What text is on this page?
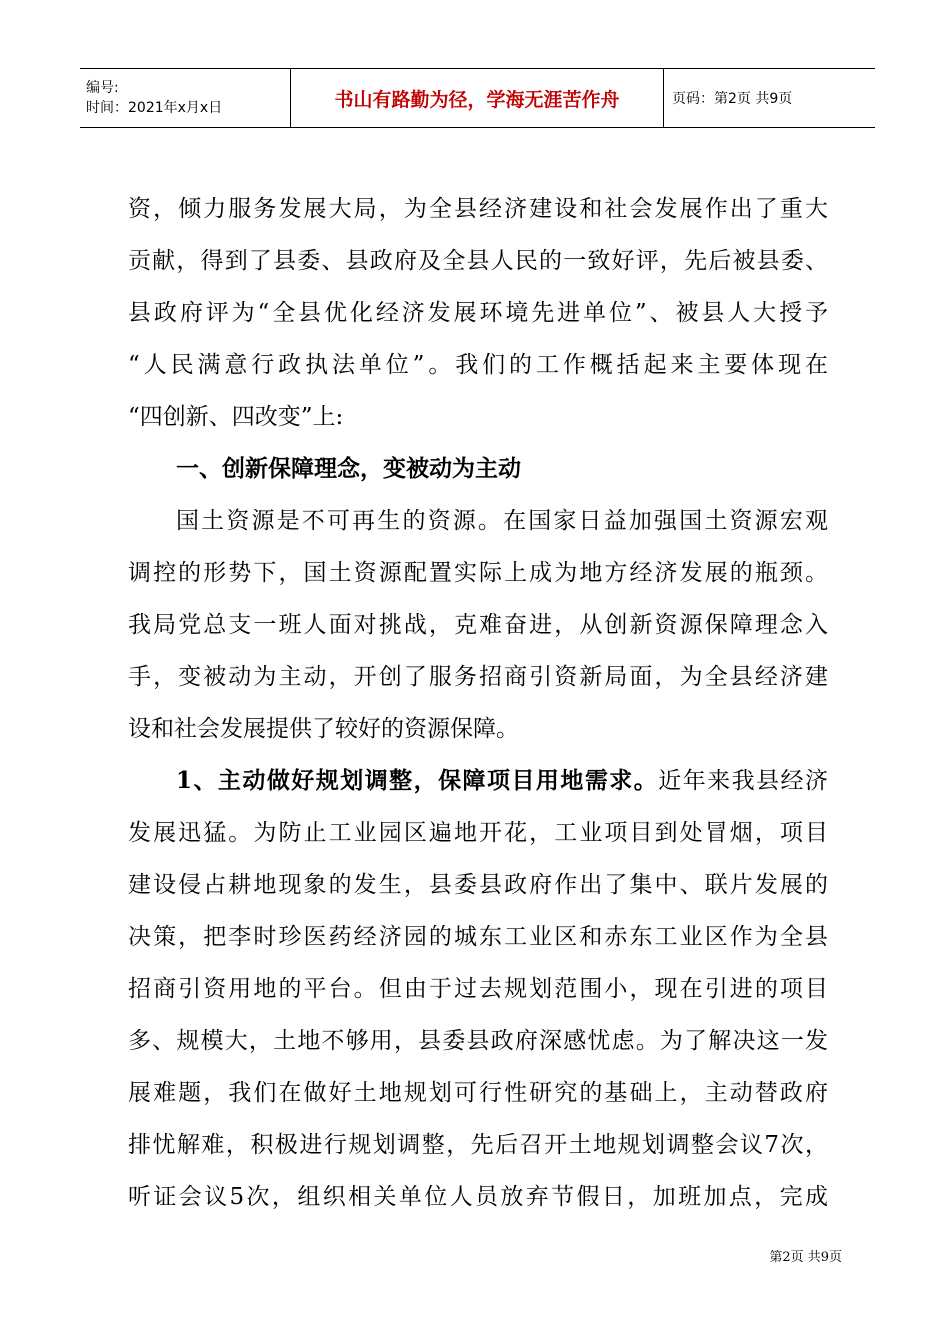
编号:
时间：2021年x月x日	书山有路勤为径，学海无涯苦作舟	页码：第2页 共9页
资，倾力服务发展大局，为全县经济建设和社会发展作出了重大
贡献，得到了县委、县政府及全县人民的一致好评，先后被县委、
县政府评为“全县优化经济发展环境先进单位”、被县人大授予
“人民满意行政执法单位”。我们的工作概括起来主要体现在
“四创新、四改变”上:
一、创新保障理念，变被动为主动
国土资源是不可再生的资源。在国家日益加强国土资源宏观
调控的形势下，国土资源配置实际上成为地方经济发展的瓶颈。
我局党总支一班人面对挑战，克难奋进，从创新资源保障理念入
手，变被动为主动，开创了服务招商引资新局面，为全县经济建
设和社会发展提供了较好的资源保障。
1、主动做好规划调整，保障项目用地需求。近年来我县经济
发展迅猛。为防止工业园区遍地开花，工业项目到处冒烟，项目
建设侵占耕地现象的发生，县委县政府作出了集中、联片发展的
决策，把李时珍医药经济园的城东工业区和赤东工业区作为全县
招商引资用地的平台。但由于过去规划范围小，现在引进的项目
多、规模大，土地不够用，县委县政府深感忧虑。为了解决这一发
展难题，我们在做好土地规划可行性研究的基础上，主动替政府
排忧解难，积极进行规划调整，先后召开土地规划调整会议7次，
听证会议5次，组织相关单位人员放弃节假日，加班加点，完成
第2页 共9页
